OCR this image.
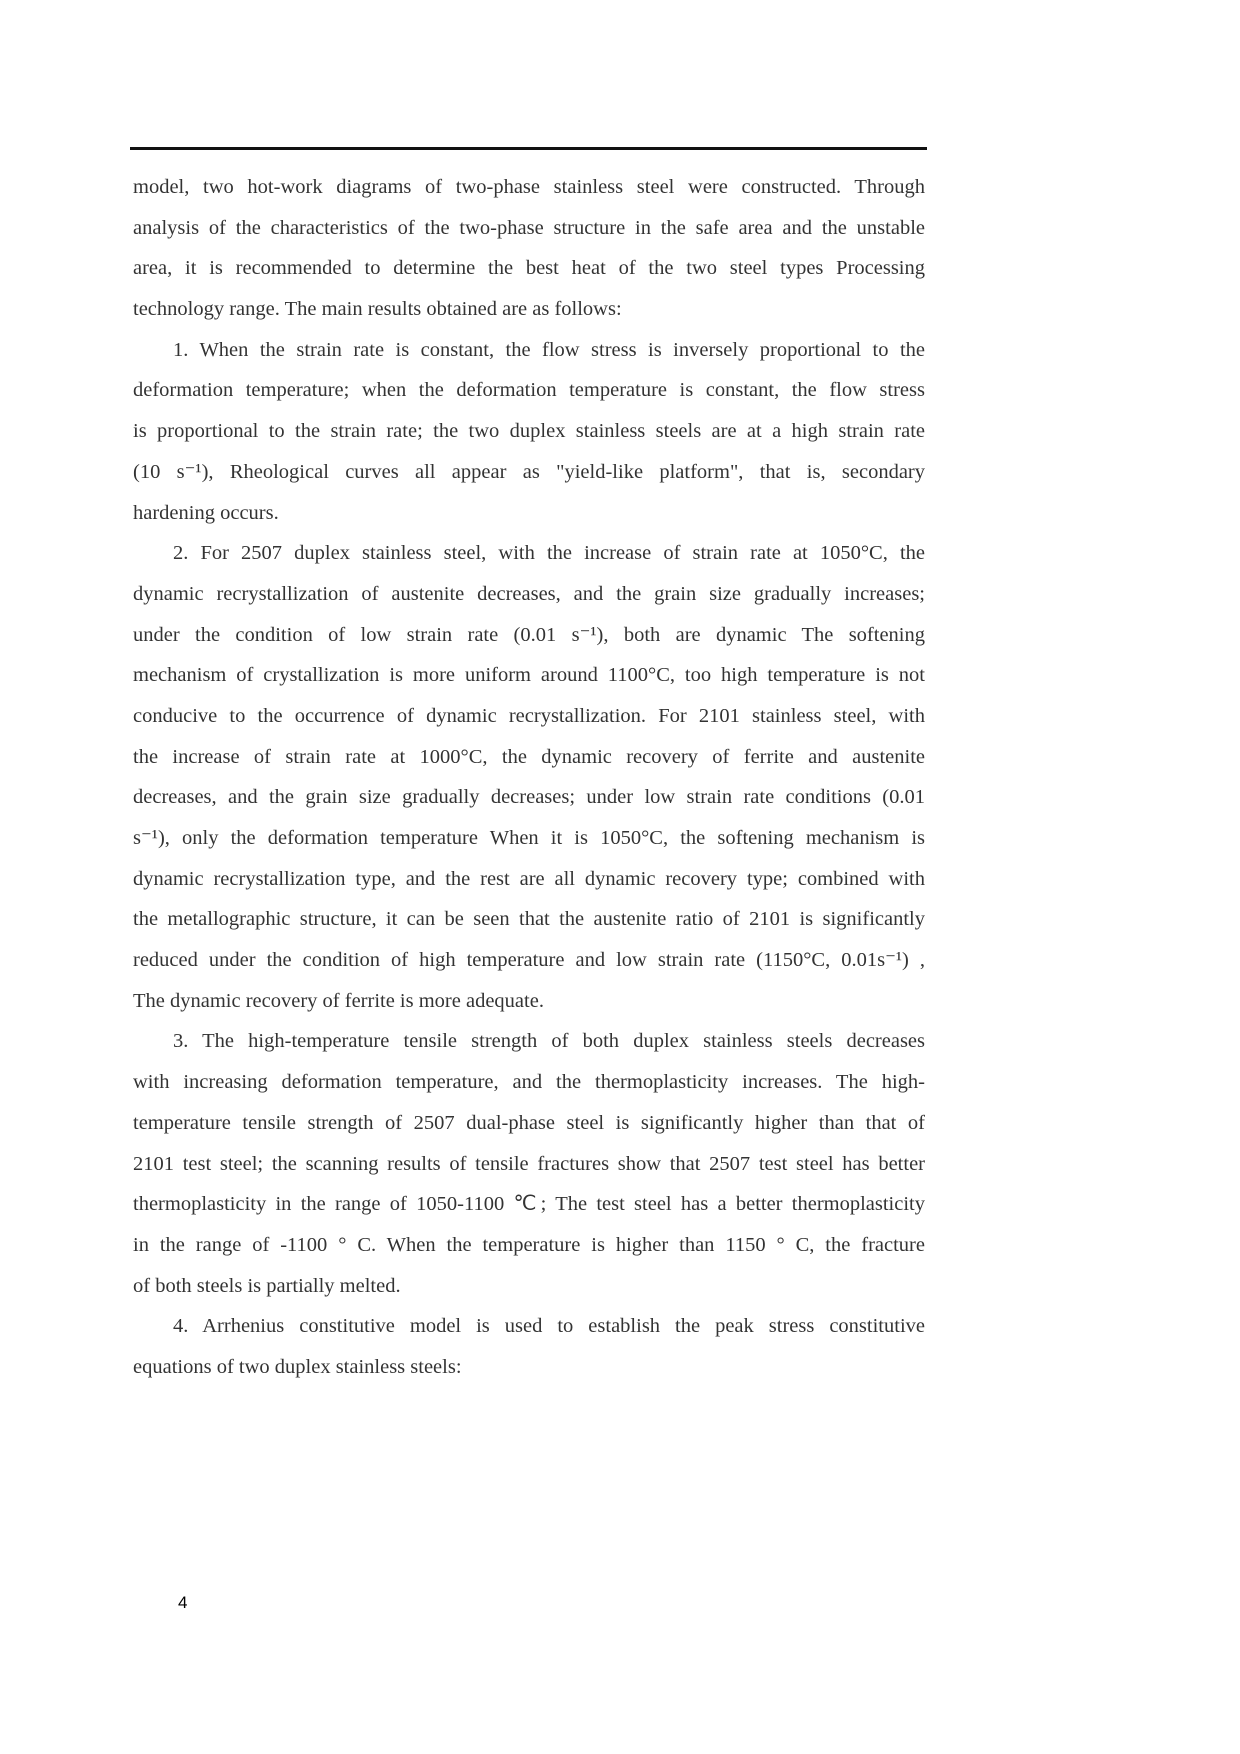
model, two hot-work diagrams of two-phase stainless steel were constructed. Through
analysis of the characteristics of the two-phase structure in the safe area and the unstable
area, it is recommended to determine the best heat of the two steel types Processing
technology range. The main results obtained are as follows:
1. When the strain rate is constant, the flow stress is inversely proportional to the
deformation temperature; when the deformation temperature is constant, the flow stress
is proportional to the strain rate; the two duplex stainless steels are at a high strain rate
(10 s⁻¹), Rheological curves all appear as "yield-like platform", that is, secondary
hardening occurs.
2. For 2507 duplex stainless steel, with the increase of strain rate at 1050°C, the
dynamic recrystallization of austenite decreases, and the grain size gradually increases;
under the condition of low strain rate (0.01 s⁻¹), both are dynamic The softening
mechanism of crystallization is more uniform around 1100°C, too high temperature is not
conducive to the occurrence of dynamic recrystallization. For 2101 stainless steel, with
the increase of strain rate at 1000°C, the dynamic recovery of ferrite and austenite
decreases, and the grain size gradually decreases; under low strain rate conditions (0.01
s⁻¹), only the deformation temperature When it is 1050°C, the softening mechanism is
dynamic recrystallization type, and the rest are all dynamic recovery type; combined with
the metallographic structure, it can be seen that the austenite ratio of 2101 is significantly
reduced under the condition of high temperature and low strain rate (1150°C, 0.01s⁻¹) ,
The dynamic recovery of ferrite is more adequate.
3. The high-temperature tensile strength of both duplex stainless steels decreases
with increasing deformation temperature, and the thermoplasticity increases. The high-
temperature tensile strength of 2507 dual-phase steel is significantly higher than that of
2101 test steel; the scanning results of tensile fractures show that 2507 test steel has better
thermoplasticity in the range of 1050-1100 ℃; The test steel has a better thermoplasticity
in the range of -1100 ° C. When the temperature is higher than 1150 ° C, the fracture
of both steels is partially melted.
4. Arrhenius constitutive model is used to establish the peak stress constitutive
equations of two duplex stainless steels:
4
